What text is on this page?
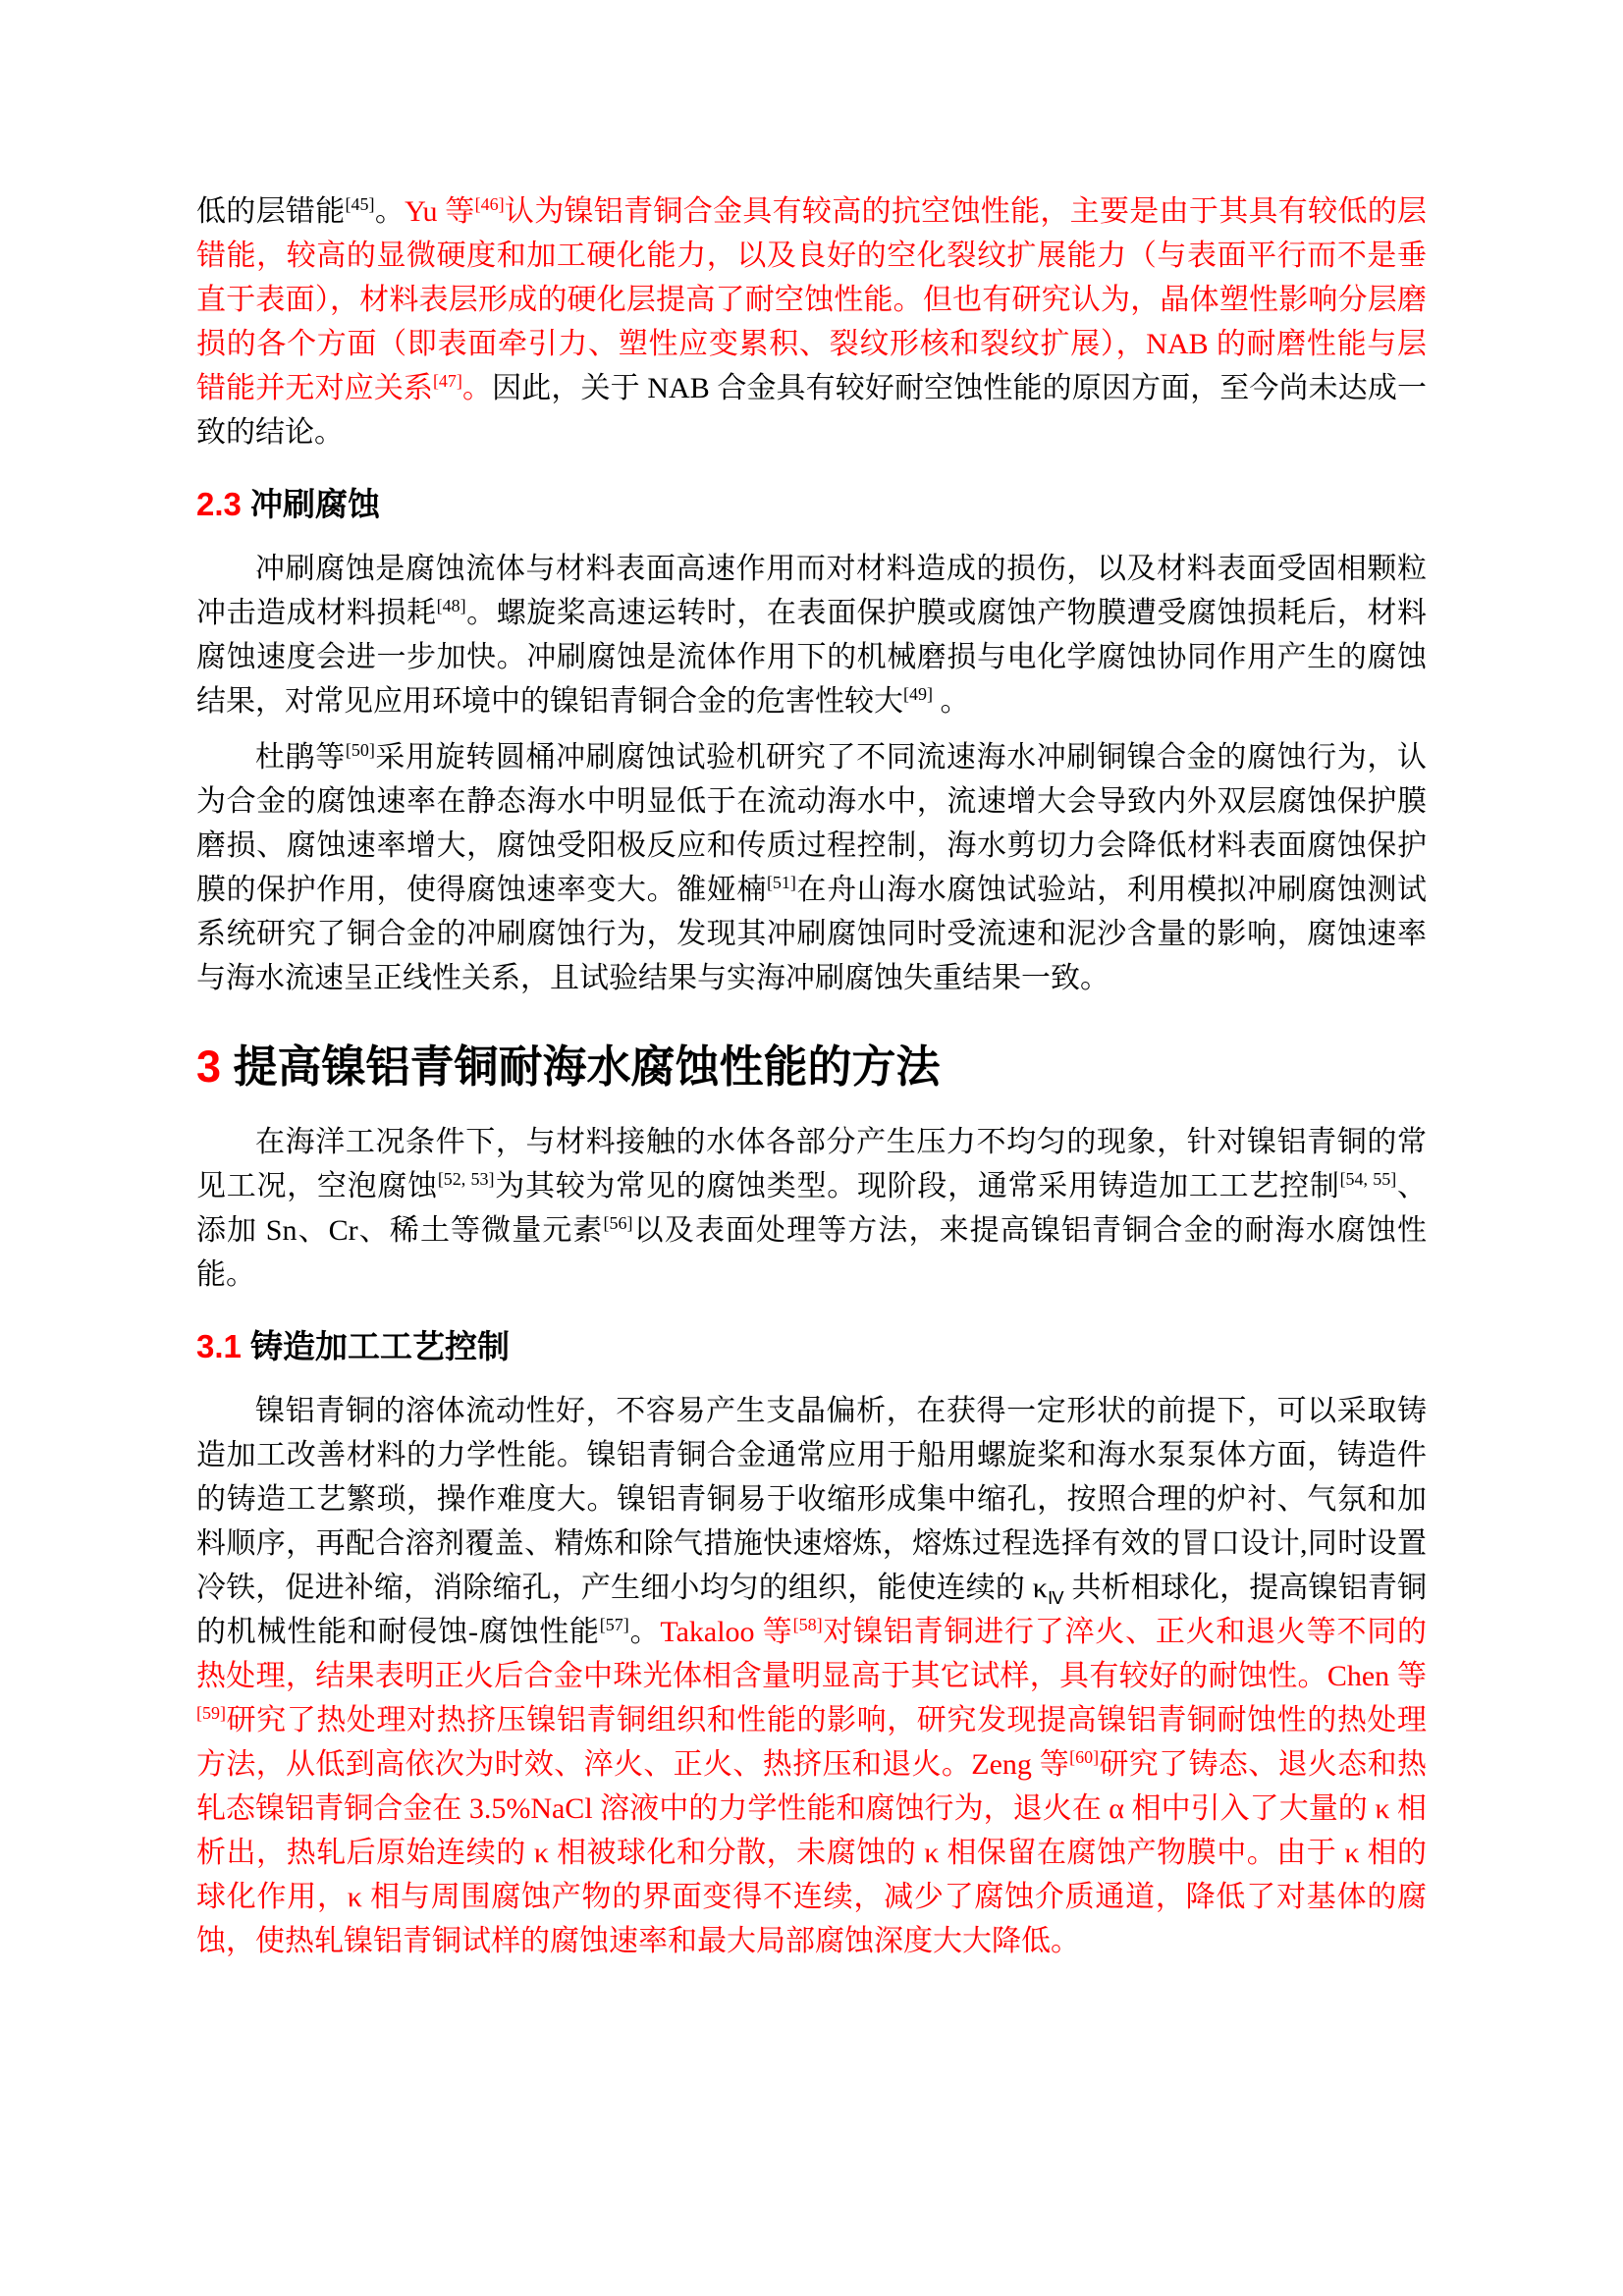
低的层错能[45]。Yu 等[46]认为镍铝青铜合金具有较高的抗空蚀性能，主要是由于其具有较低的层错能，较高的显微硬度和加工硬化能力，以及良好的空化裂纹扩展能力（与表面平行而不是垂直于表面），材料表层形成的硬化层提高了耐空蚀性能。但也有研究认为，晶体塑性影响分层磨损的各个方面（即表面牵引力、塑性应变累积、裂纹形核和裂纹扩展），NAB 的耐磨性能与层错能并无对应关系[47]。因此，关于 NAB 合金具有较好耐空蚀性能的原因方面，至今尚未达成一致的结论。

2.3 冲刷腐蚀

冲刷腐蚀是腐蚀流体与材料表面高速作用而对材料造成的损伤，以及材料表面受固相颗粒冲击造成材料损耗[48]。螺旋桨高速运转时，在表面保护膜或腐蚀产物膜遭受腐蚀损耗后，材料腐蚀速度会进一步加快。冲刷腐蚀是流体作用下的机械磨损与电化学腐蚀协同作用产生的腐蚀结果，对常见应用环境中的镍铝青铜合金的危害性较大[49] 。

杜鹃等[50]采用旋转圆桶冲刷腐蚀试验机研究了不同流速海水冲刷铜镍合金的腐蚀行为，认为合金的腐蚀速率在静态海水中明显低于在流动海水中，流速增大会导致内外双层腐蚀保护膜磨损、腐蚀速率增大，腐蚀受阳极反应和传质过程控制，海水剪切力会降低材料表面腐蚀保护膜的保护作用，使得腐蚀速率变大。雒娅楠[51]在舟山海水腐蚀试验站，利用模拟冲刷腐蚀测试系统研究了铜合金的冲刷腐蚀行为，发现其冲刷腐蚀同时受流速和泥沙含量的影响，腐蚀速率与海水流速呈正线性关系，且试验结果与实海冲刷腐蚀失重结果一致。

3 提高镍铝青铜耐海水腐蚀性能的方法

在海洋工况条件下，与材料接触的水体各部分产生压力不均匀的现象，针对镍铝青铜的常见工况，空泡腐蚀[52, 53]为其较为常见的腐蚀类型。现阶段，通常采用铸造加工工艺控制[54, 55]、添加 Sn、Cr、稀土等微量元素[56]以及表面处理等方法，来提高镍铝青铜合金的耐海水腐蚀性能。

3.1 铸造加工工艺控制

镍铝青铜的溶体流动性好，不容易产生支晶偏析，在获得一定形状的前提下，可以采取铸造加工改善材料的力学性能。镍铝青铜合金通常应用于船用螺旋桨和海水泵泵体方面，铸造件的铸造工艺繁琐，操作难度大。镍铝青铜易于收缩形成集中缩孔，按照合理的炉衬、气氛和加料顺序，再配合溶剂覆盖、精炼和除气措施快速熔炼，熔炼过程选择有效的冒口设计,同时设置冷铁，促进补缩，消除缩孔，产生细小均匀的组织，能使连续的 $\kappa_Ⅳ$ 共析相球化，提高镍铝青铜的机械性能和耐侵蚀-腐蚀性能[57]。Takaloo 等[58]对镍铝青铜进行了淬火、正火和退火等不同的热处理，结果表明正火后合金中珠光体相含量明显高于其它试样，具有较好的耐蚀性。Chen 等[59]研究了热处理对热挤压镍铝青铜组织和性能的影响，研究发现提高镍铝青铜耐蚀性的热处理方法，从低到高依次为时效、淬火、正火、热挤压和退火。Zeng 等[60]研究了铸态、退火态和热轧态镍铝青铜合金在 3.5%NaCl 溶液中的力学性能和腐蚀行为，退火在 α 相中引入了大量的 κ 相析出，热轧后原始连续的 κ 相被球化和分散，未腐蚀的 κ 相保留在腐蚀产物膜中。由于 κ 相的球化作用，κ 相与周围腐蚀产物的界面变得不连续，减少了腐蚀介质通道，降低了对基体的腐蚀，使热轧镍铝青铜试样的腐蚀速率和最大局部腐蚀深度大大降低。
